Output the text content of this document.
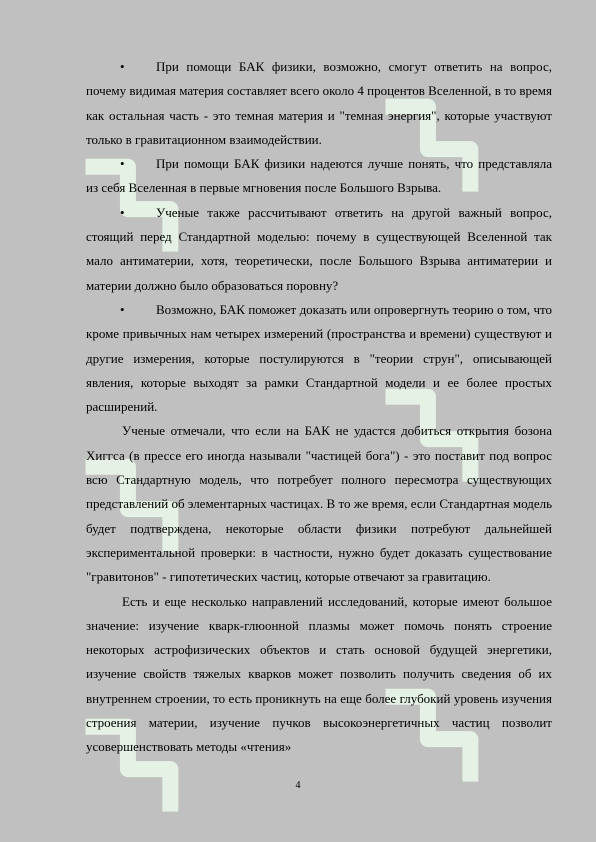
• При помощи БАК физики, возможно, смогут ответить на вопрос, почему видимая материя составляет всего около 4 процентов Вселенной, в то время как остальная часть - это темная материя и "темная энергия", которые участвуют только в гравитационном взаимодействии.

• При помощи БАК физики надеются лучше понять, что представляла из себя Вселенная в первые мгновения после Большого Взрыва.

• Ученые также рассчитывают ответить на другой важный вопрос, стоящий перед Стандартной моделью: почему в существующей Вселенной так мало антиматерии, хотя, теоретически, после Большого Взрыва антиматерии и материи должно было образоваться поровну?

• Возможно, БАК поможет доказать или опровергнуть теорию о том, что кроме привычных нам четырех измерений (пространства и времени) существуют и другие измерения, которые постулируются в "теории струн", описывающей явления, которые выходят за рамки Стандартной модели и ее более простых расширений.

Ученые отмечали, что если на БАК не удастся добиться открытия бозона Хиггса (в прессе его иногда называли "частицей бога") - это поставит под вопрос всю Стандартную модель, что потребует полного пересмотра существующих представлений об элементарных частицах. В то же время, если Стандартная модель будет подтверждена, некоторые области физики потребуют дальнейшей экспериментальной проверки: в частности, нужно будет доказать существование "гравитонов" - гипотетических частиц, которые отвечают за гравитацию.

Есть и еще несколько направлений исследований, которые имеют большое значение: изучение кварк-глюонной плазмы может помочь понять строение некоторых астрофизических объектов и стать основой будущей энергетики, изучение свойств тяжелых кварков может позволить получить сведения об их внутреннем строении, то есть проникнуть на еще более глубокий уровень изучения строения материи, изучение пучков высокоэнергетичных частиц позволит усовершенствовать методы «чтения»

4
